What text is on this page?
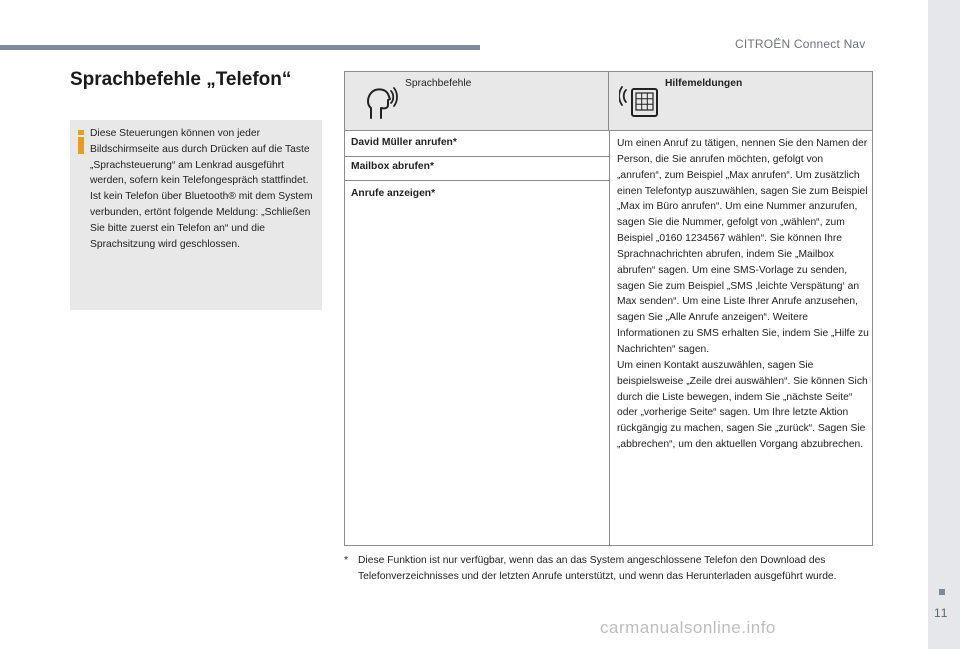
CITROËN Connect Nav
11
Sprachbefehle „Telefon“

Diese Steuerungen können von jeder Bildschirmseite aus durch Drücken auf die Taste „Sprachsteuerung“ am Lenkrad ausgeführt werden, sofern kein Telefongespräch stattfindet.

Ist kein Telefon über Bluetooth® mit dem System verbunden, ertönt folgende Meldung: „Schließen Sie bitte zuerst ein Telefon an“ und die Sprachsitzung wird geschlossen.

Sprachbefehle	Hilfemeldungen
David Müller anrufen*
Mailbox abrufen*
Anrufe anzeigen*

Um einen Anruf zu tätigen, nennen Sie den Namen der Person, die Sie anrufen möchten, gefolgt von „anrufen“, zum Beispiel „Max anrufen“. Um zusätzlich einen Telefontyp auszuwählen, sagen Sie zum Beispiel „Max im Büro anrufen“. Um eine Nummer anzurufen, sagen Sie die Nummer, gefolgt von „wählen“, zum Beispiel „0160 1234567 wählen“. Sie können Ihre Sprachnachrichten abrufen, indem Sie „Mailbox abrufen“ sagen. Um eine SMS-Vorlage zu senden, sagen Sie zum Beispiel „SMS ‚leichte Verspätung‘ an Max senden“. Um eine Liste Ihrer Anrufe anzusehen, sagen Sie „Alle Anrufe anzeigen“. Weitere Informationen zu SMS erhalten Sie, indem Sie „Hilfe zu Nachrichten“ sagen.

Um einen Kontakt auszuwählen, sagen Sie beispielsweise „Zeile drei auswählen“. Sie können Sich durch die Liste bewegen, indem Sie „nächste Seite“ oder „vorherige Seite“ sagen. Um Ihre letzte Aktion rückgängig zu machen, sagen Sie „zurück“. Sagen Sie „abbrechen“, um den aktuellen Vorgang abzubrechen.

* Diese Funktion ist nur verfügbar, wenn das an das System angeschlossene Telefon den Download des Telefonverzeichnisses und der letzten Anrufe unterstützt, und wenn das Herunterladen ausgeführt wurde.
carmanualsonline.info
